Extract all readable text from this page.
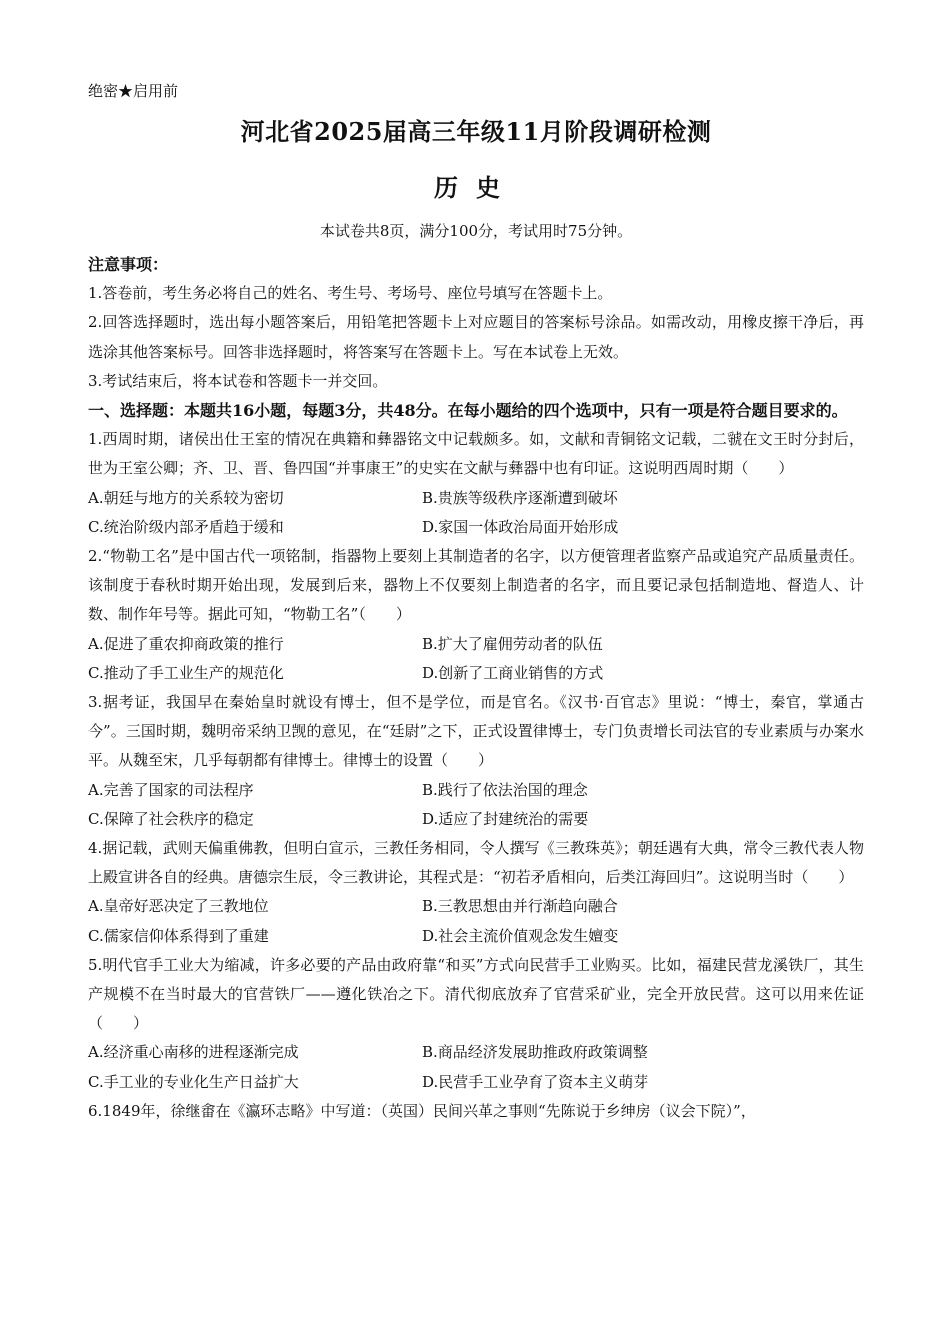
绝密★启用前
河北省2025届高三年级11月阶段调研检测
历史
本试卷共8页，满分100分，考试用时75分钟。
注意事项：
1.答卷前，考生务必将自己的姓名、考生号、考场号、座位号填写在答题卡上。
2.回答选择题时，选出每小题答案后，用铅笔把答题卡上对应题目的答案标号涂品。如需改动，用橡皮擦干净后，再选涂其他答案标号。回答非选择题时，将答案写在答题卡上。写在本试卷上无效。
3.考试结束后，将本试卷和答题卡一并交回。
一、选择题：本题共16小题，每题3分，共48分。在每小题给的四个选项中，只有一项是符合题目要求的。
1.西周时期，诸侯出仕王室的情况在典籍和彝器铭文中记载颇多。如，文献和青铜铭文记载，二虢在文王时分封后，世为王室公卿；齐、卫、晋、鲁四国“并事康王”的史实在文献与彝器中也有印证。这说明西周时期（　　）
A.朝廷与地方的关系较为密切	B.贵族等级秩序逐渐遭到破坏
C.统治阶级内部矛盾趋于缓和	D.家国一体政治局面开始形成
2.“物勒工名”是中国古代一项铭制，指器物上要刻上其制造者的名字，以方便管理者监察产品或追究产品质量责任。该制度于春秋时期开始出现，发展到后来，器物上不仅要刻上制造者的名字，而且要记录包括制造地、督造人、计数、制作年号等。据此可知，“物勒工名”（　　）
A.促进了重农抑商政策的推行	B.扩大了雇佣劳动者的队伍
C.推动了手工业生产的规范化	D.创新了工商业销售的方式
3.据考证，我国早在秦始皇时就设有博士，但不是学位，而是官名。《汉书·百官志》里说：“博士，秦官，掌通古今”。三国时期，魏明帝采纳卫觊的意见，在“廷尉”之下，正式设置律博士，专门负责增长司法官的专业素质与办案水平。从魏至宋，几乎每朝都有律博士。律博士的设置（　　）
A.完善了国家的司法程序	B.践行了依法治国的理念
C.保障了社会秩序的稳定	D.适应了封建统治的需要
4.据记载，武则天偏重佛教，但明白宣示，三教任务相同，令人撰写《三教珠英》；朝廷遇有大典，常令三教代表人物上殿宣讲各自的经典。唐德宗生辰，令三教讲论，其程式是：“初若矛盾相向，后类江海回归”。这说明当时（　　）
A.皇帝好恶决定了三教地位	B.三教思想由并行渐趋向融合
C.儒家信仰体系得到了重建	D.社会主流价值观念发生嬗变
5.明代官手工业大为缩减，许多必要的产品由政府靠“和买”方式向民营手工业购买。比如，福建民营龙溪铁厂，其生产规模不在当时最大的官营铁厂——遵化铁冶之下。清代彻底放弃了官营采矿业，完全开放民营。这可以用来佐证（　　）
A.经济重心南移的进程逐渐完成	B.商品经济发展助推政府政策调整
C.手工业的专业化生产日益扩大	D.民营手工业孕育了资本主义萌芽
6.1849年，徐继畬在《瀛环志略》中写道：（英国）民间兴革之事则“先陈说于乡绅房（议会下院）”，
